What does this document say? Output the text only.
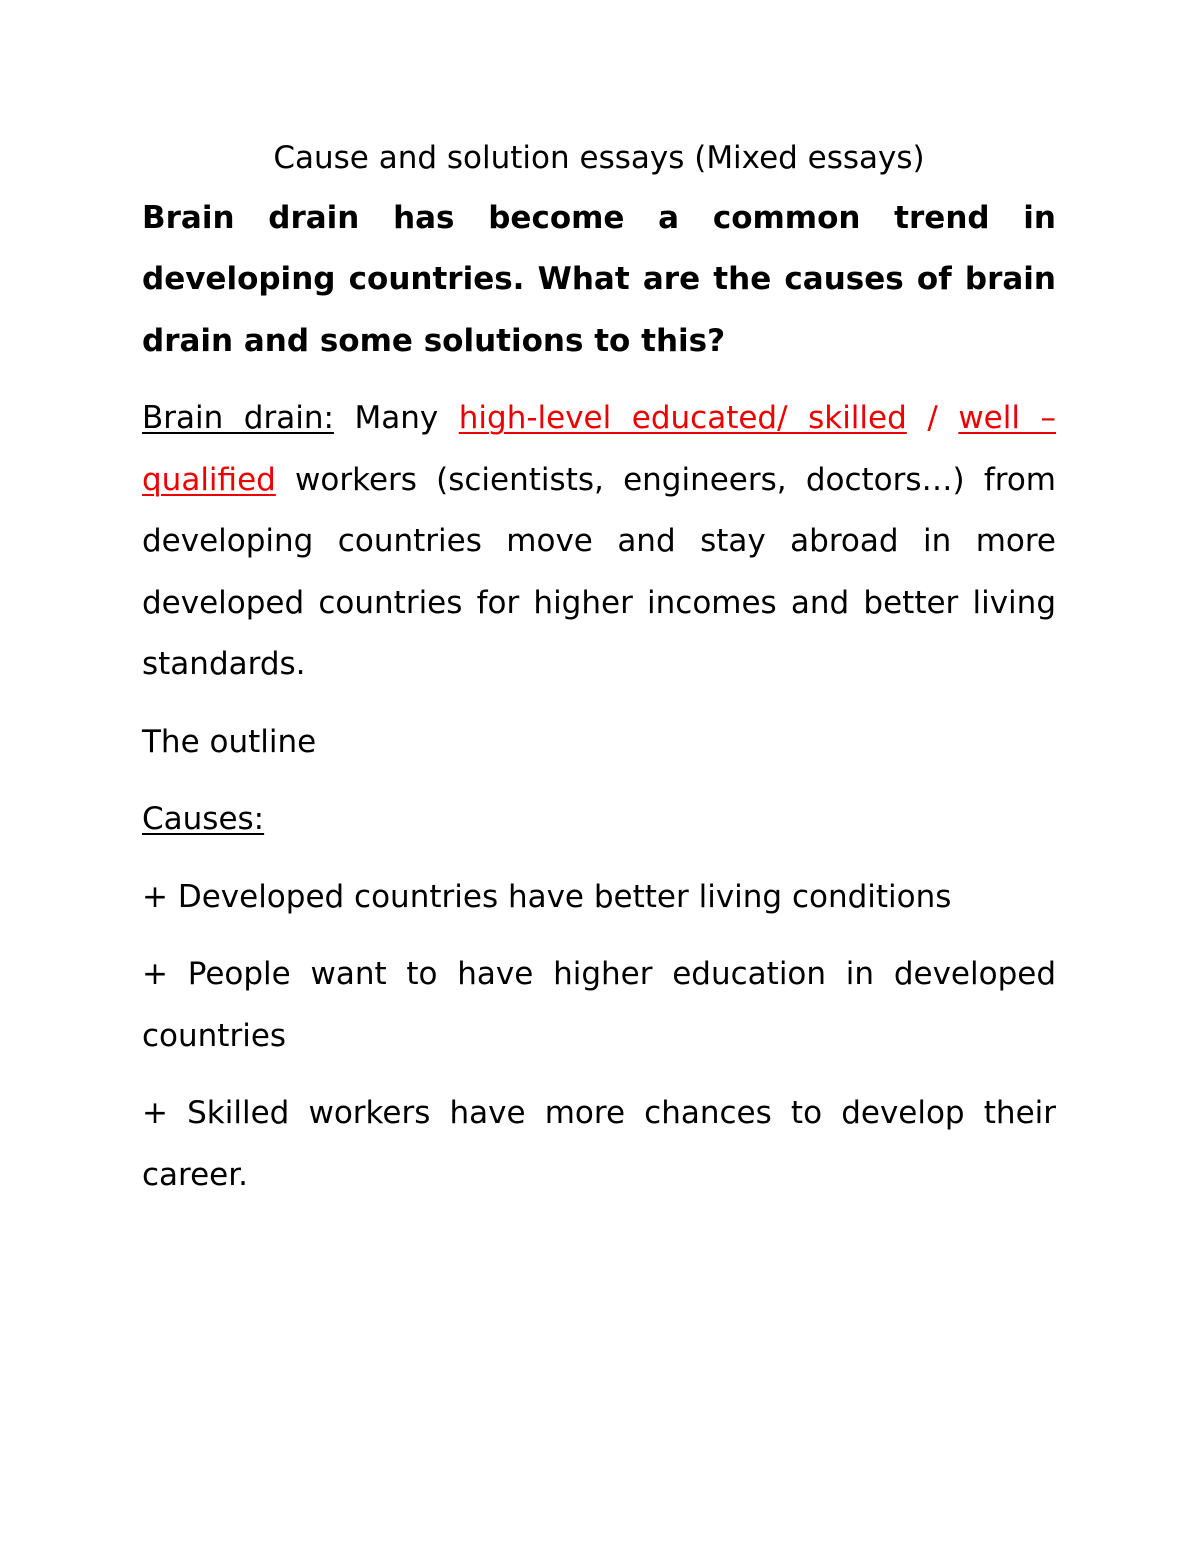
Cause and solution essays (Mixed essays)

Brain drain has become a common trend in developing countries. What are the causes of brain drain and some solutions to this?

Brain drain: Many high-level educated/ skilled / well –qualified workers (scientists, engineers, doctors…) from developing countries move and stay abroad in more developed countries for higher incomes and better living standards.

The outline

Causes:

+ Developed countries have better living conditions

+ People want to have higher education in developed countries

+ Skilled workers have more chances to develop their career.
